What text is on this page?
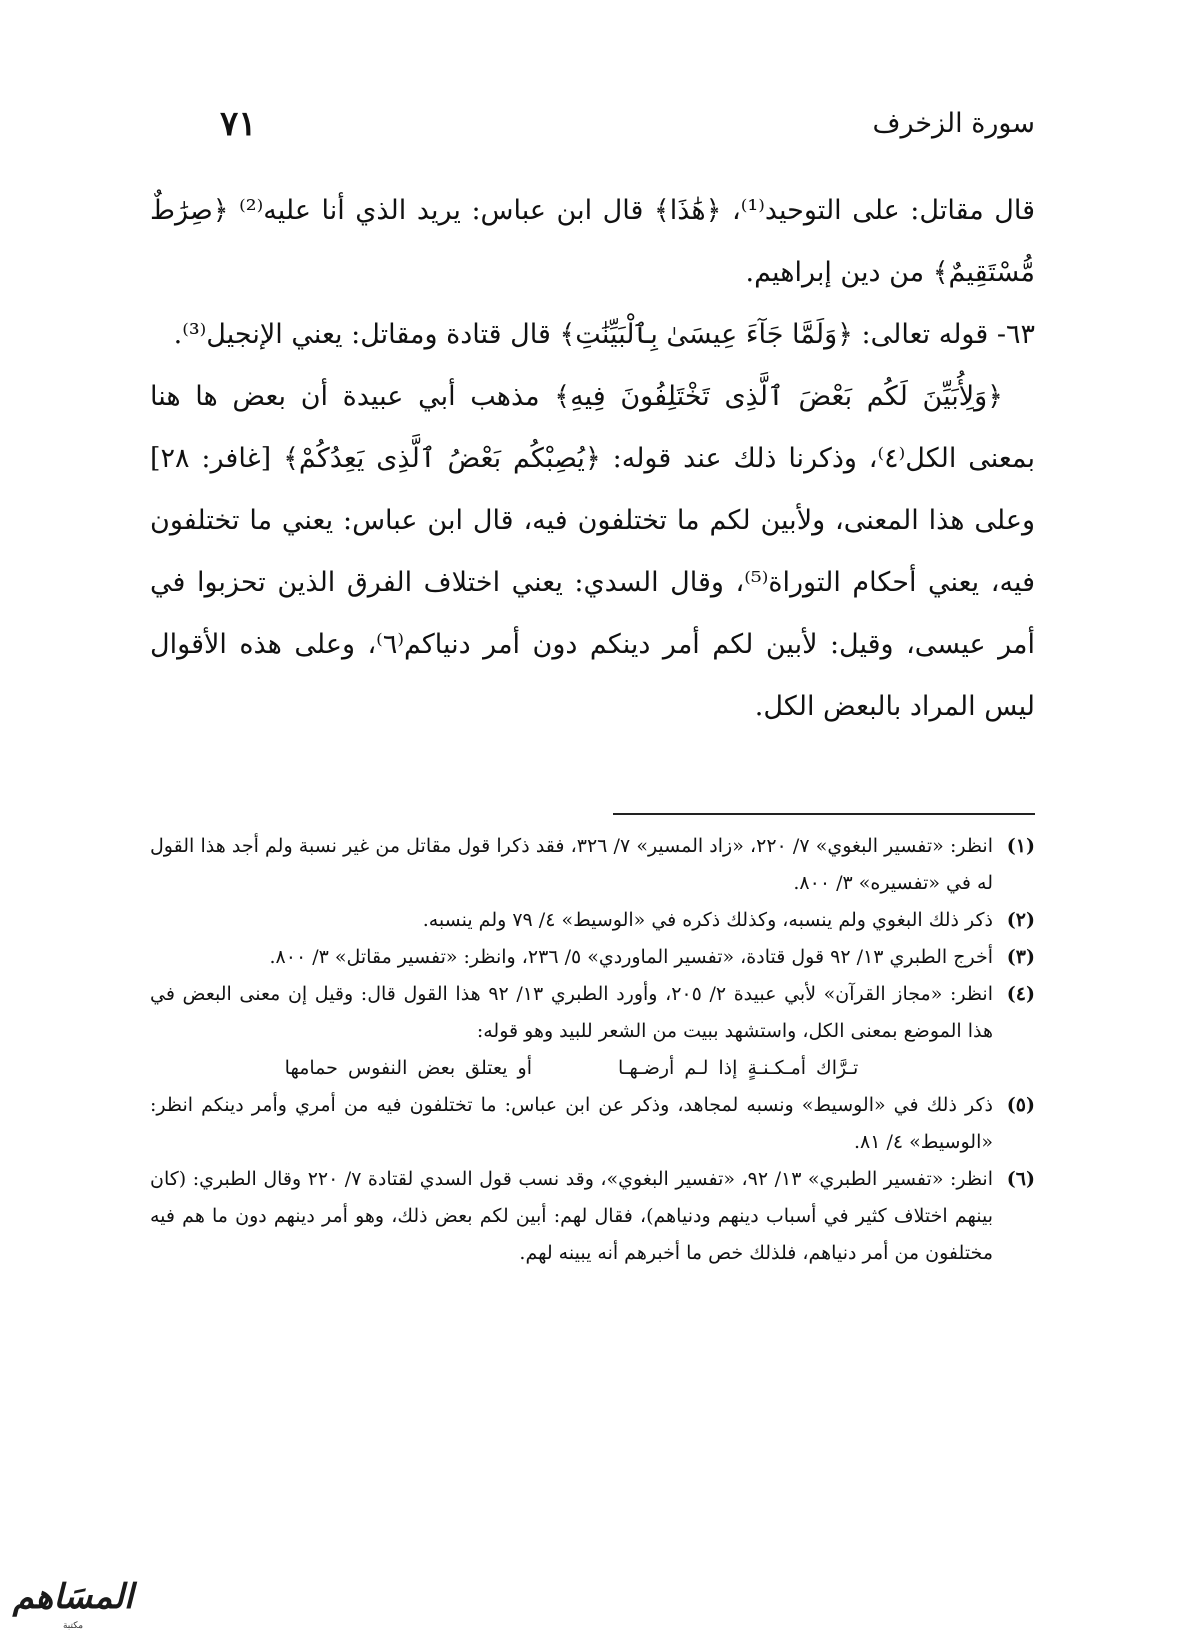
سورة الزخرف
٧١

قال مقاتل: على التوحيد⁽¹⁾، ﴿هَٰذَا﴾ قال ابن عباس: يريد الذي أنا عليه⁽²⁾ ﴿صِرَٰطٌ مُّسْتَقِيمٌ﴾ من دين إبراهيم.

٦٣- قوله تعالى: ﴿وَلَمَّا جَآءَ عِيسَىٰ بِٱلْبَيِّنَٰتِ﴾ قال قتادة ومقاتل: يعني الإنجيل⁽³⁾.

﴿وَلِأُبَيِّنَ لَكُم بَعْضَ ٱلَّذِى تَخْتَلِفُونَ فِيهِ﴾ مذهب أبي عبيدة أن بعض ها هنا بمعنى الكل⁽٤⁾، وذكرنا ذلك عند قوله: ﴿يُصِبْكُم بَعْضُ ٱلَّذِى يَعِدُكُمْ﴾ [غافر: ٢٨] وعلى هذا المعنى، ولأبين لكم ما تختلفون فيه، قال ابن عباس: يعني ما تختلفون فيه، يعني أحكام التوراة⁽⁵⁾، وقال السدي: يعني اختلاف الفرق الذين تحزبوا في أمر عيسى، وقيل: لأبين لكم أمر دينكم دون أمر دنياكم⁽٦⁾، وعلى هذه الأقوال ليس المراد بالبعض الكل.

(١)
انظر: «تفسير البغوي» ٧/ ٢٢٠، «زاد المسير» ٧/ ٣٢٦، فقد ذكرا قول مقاتل من غير نسبة ولم أجد هذا القول له في «تفسيره» ٣/ ٨٠٠.
(٢)
ذكر ذلك البغوي ولم ينسبه، وكذلك ذكره في «الوسيط» ٤/ ٧٩ ولم ينسبه.
(٣)
أخرج الطبري ١٣/ ٩٢ قول قتادة، «تفسير الماوردي» ٥/ ٢٣٦، وانظر: «تفسير مقاتل» ٣/ ٨٠٠.
(٤)
انظر: «مجاز القرآن» لأبي عبيدة ٢/ ٢٠٥، وأورد الطبري ١٣/ ٩٢ هذا القول قال: وقيل إن معنى البعض في هذا الموضع بمعنى الكل، واستشهد ببيت من الشعر للبيد وهو قوله:
تـرَّاك أمـكـنـةٍ إذا لـم أرضـهـا أو يعتلق بعض النفوس حمامها
(٥)
ذكر ذلك في «الوسيط» ونسبه لمجاهد، وذكر عن ابن عباس: ما تختلفون فيه من أمري وأمر دينكم انظر: «الوسيط» ٤/ ٨١.
(٦)
انظر: «تفسير الطبري» ١٣/ ٩٢، «تفسير البغوي»، وقد نسب قول السدي لقتادة ٧/ ٢٢٠ وقال الطبري: (كان بينهم اختلاف كثير في أسباب دينهم ودنياهم)، فقال لهم: أبين لكم بعض ذلك، وهو أمر دينهم دون ما هم فيه مختلفون من أمر دنياهم، فلذلك خص ما أخبرهم أنه يبينه لهم.
المسَاهم
مكتبة
